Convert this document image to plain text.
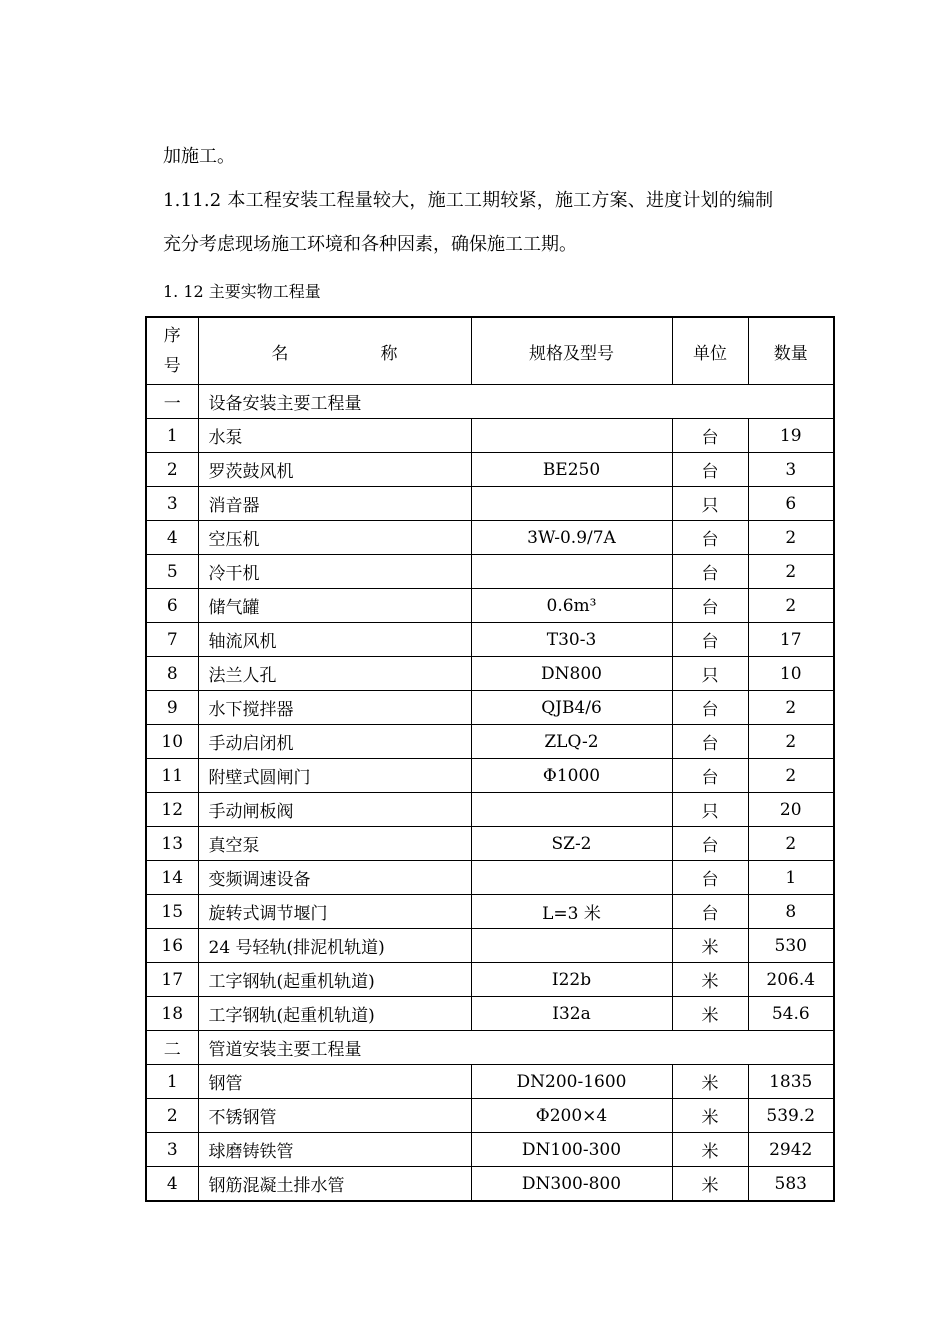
加施工。
1.11.2 本工程安装工程量较大，施工工期较紧，施工方案、进度计划的编制
充分考虑现场施工环境和各种因素，确保施工工期。
1. 12 主要实物工程量
序
号	名 称	规格及型号	单位	数量
一	设备安装主要工程量			
1	水泵		台	19
2	罗茨鼓风机	BE250	台	3
3	消音器		只	6
4	空压机	3W-0.9/7A	台	2
5	冷干机		台	2
6	储气罐	0.6m³	台	2
7	轴流风机	T30-3	台	17
8	法兰人孔	DN800	只	10
9	水下搅拌器	QJB4/6	台	2
10	手动启闭机	ZLQ-2	台	2
11	附壁式圆闸门	Φ1000	台	2
12	手动闸板阀		只	20
13	真空泵	SZ-2	台	2
14	变频调速设备		台	1
15	旋转式调节堰门	L=3 米	台	8
16	24 号轻轨(排泥机轨道)		米	530
17	工字钢轨(起重机轨道)	I22b	米	206.4
18	工字钢轨(起重机轨道)	I32a	米	54.6
二	管道安装主要工程量			
1	钢管	DN200-1600	米	1835
2	不锈钢管	Φ200×4	米	539.2
3	球磨铸铁管	DN100-300	米	2942
4	钢筋混凝土排水管	DN300-800	米	583
